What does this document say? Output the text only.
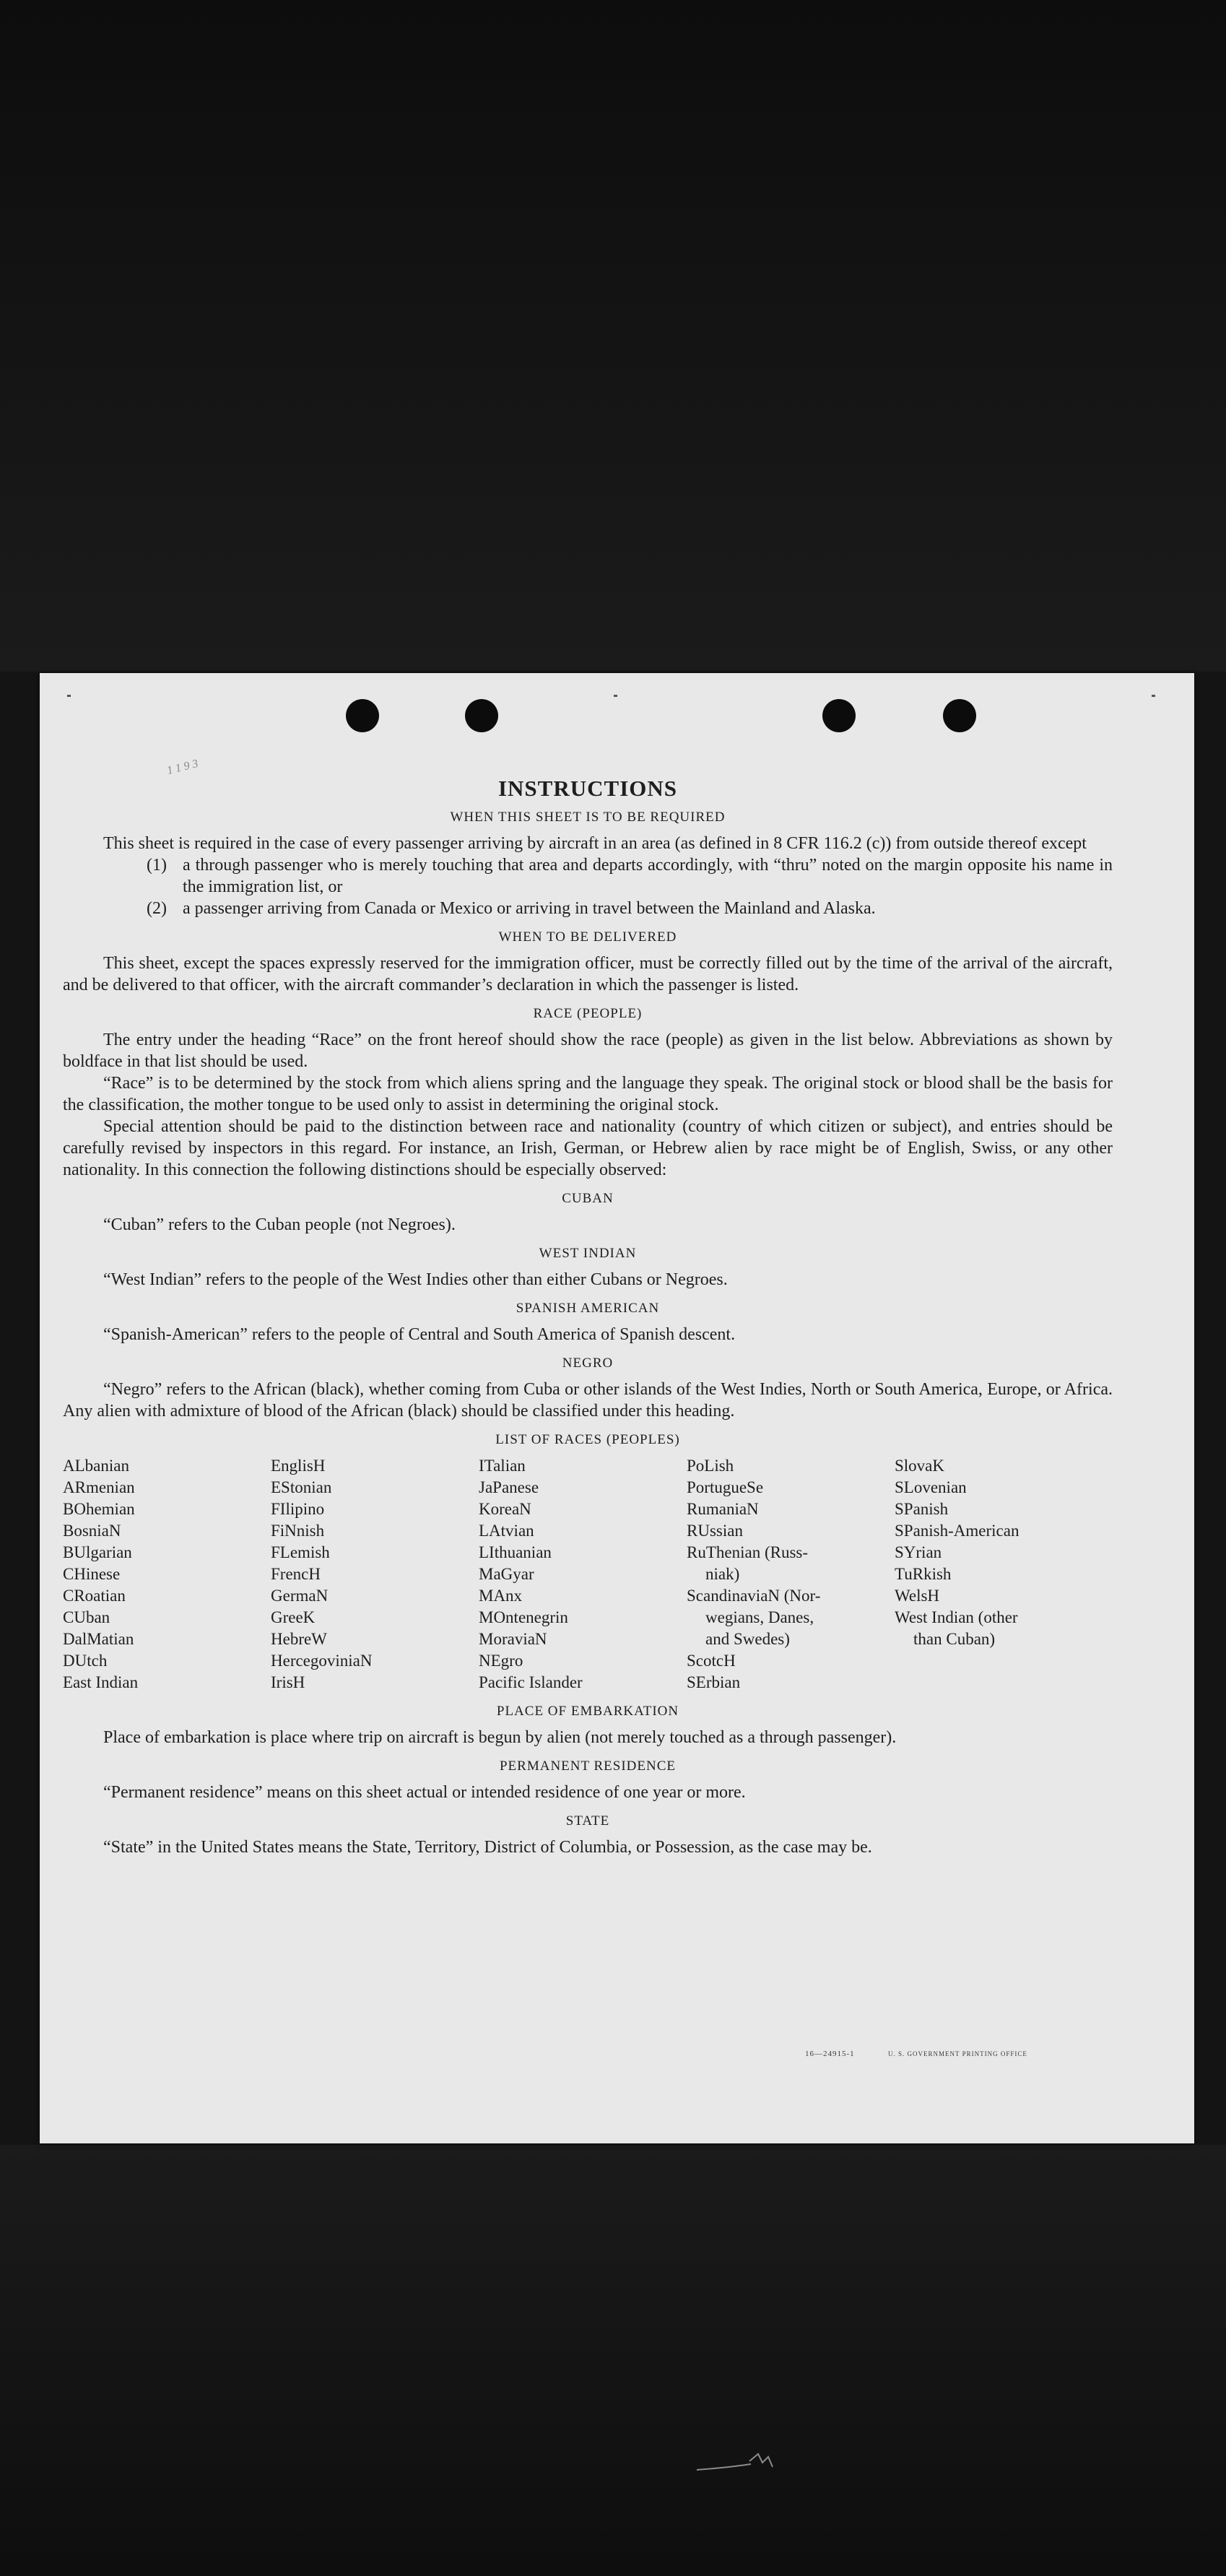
1 1 9 3
INSTRUCTIONS
WHEN THIS SHEET IS TO BE REQUIRED

This sheet is required in the case of every passenger arriving by aircraft in an area (as defined in 8 CFR 116.2 (c)) from outside thereof except

(1) a through passenger who is merely touching that area and departs accordingly, with “thru” noted on the margin opposite his name in the immigration list, or
(2) a passenger arriving from Canada or Mexico or arriving in travel between the Mainland and Alaska.
WHEN TO BE DELIVERED

This sheet, except the spaces expressly reserved for the immigration officer, must be correctly filled out by the time of the arrival of the aircraft, and be delivered to that officer, with the aircraft commander’s declaration in which the passenger is listed.

RACE (PEOPLE)

The entry under the heading “Race” on the front hereof should show the race (people) as given in the list below. Abbreviations as shown by boldface in that list should be used.

“Race” is to be determined by the stock from which aliens spring and the language they speak. The original stock or blood shall be the basis for the classification, the mother tongue to be used only to assist in determining the original stock.

Special attention should be paid to the distinction between race and nationality (country of which citizen or subject), and entries should be carefully revised by inspectors in this regard. For instance, an Irish, German, or Hebrew alien by race might be of English, Swiss, or any other nationality. In this connection the following distinctions should be especially observed:

CUBAN

“Cuban” refers to the Cuban people (not Negroes).

WEST INDIAN

“West Indian” refers to the people of the West Indies other than either Cubans or Negroes.

SPANISH AMERICAN

“Spanish-American” refers to the people of Central and South America of Spanish descent.

NEGRO

“Negro” refers to the African (black), whether coming from Cuba or other islands of the West Indies, North or South America, Europe, or Africa. Any alien with admixture of blood of the African (black) should be classified under this heading.

LIST OF RACES (PEOPLES)
ALbanian
ARmenian
BOhemian
BosniaN
BUlgarian
CHinese
CRoatian
CUban
DalMatian
DUtch
East Indian
EnglisH
EStonian
FIlipino
FiNnish
FLemish
FrencH
GermaN
GreeK
HebreW
HercegoviniaN
IrisH
ITalian
JaPanese
KoreaN
LAtvian
LIthuanian
MaGyar
MAnx
MOntenegrin
MoraviaN
NEgro
Pacific Islander
PoLish
PortugueSe
RumaniaN
RUssian
RuThenian (Russ-
niak)
ScandinaviaN (Nor-
wegians, Danes,
and Swedes)
ScotcH
SErbian
SlovaK
SLovenian
SPanish
SPanish-American
SYrian
TuRkish
WelsH
West Indian (other
than Cuban)
PLACE OF EMBARKATION

Place of embarkation is place where trip on aircraft is begun by alien (not merely touched as a through passenger).

PERMANENT RESIDENCE

“Permanent residence” means on this sheet actual or intended residence of one year or more.

STATE

“State” in the United States means the State, Territory, District of Columbia, or Possession, as the case may be.

16—24915-1	U. S. GOVERNMENT PRINTING OFFICE
